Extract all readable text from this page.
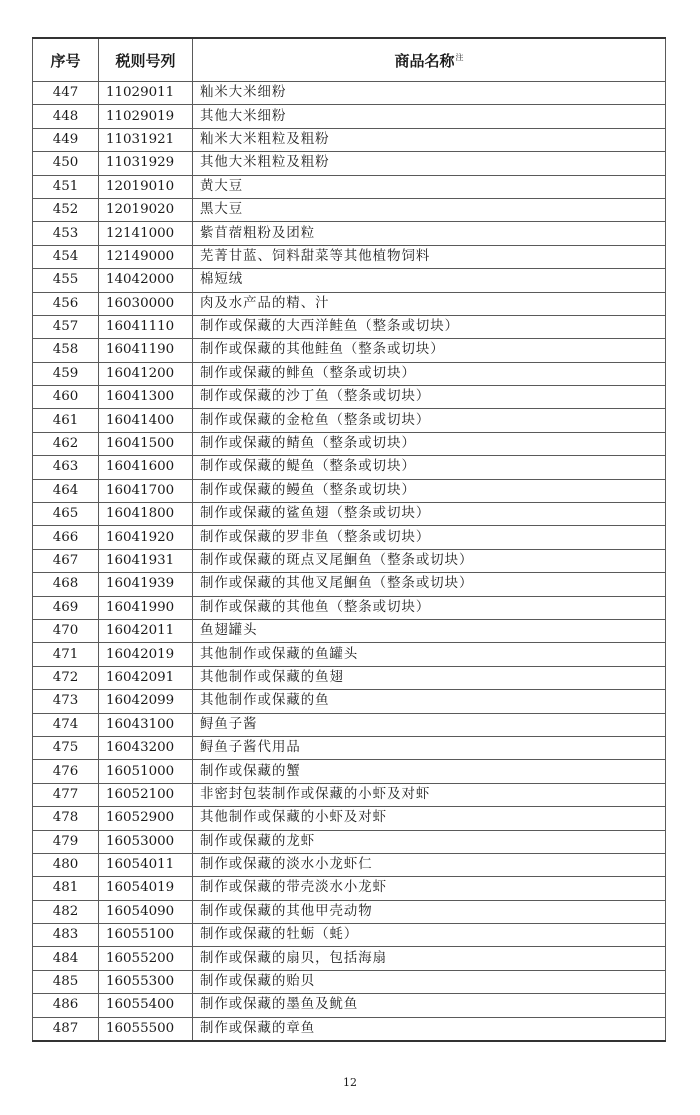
序号	税则号列	商品名称$^注$
447	11029011	籼米大米细粉
448	11029019	其他大米细粉
449	11031921	籼米大米粗粒及粗粉
450	11031929	其他大米粗粒及粗粉
451	12019010	黄大豆
452	12019020	黑大豆
453	12141000	紫苜蓿粗粉及团粒
454	12149000	芜菁甘蓝、饲料甜菜等其他植物饲料
455	14042000	棉短绒
456	16030000	肉及水产品的精、汁
457	16041110	制作或保藏的大西洋鲑鱼（整条或切块）
458	16041190	制作或保藏的其他鲑鱼（整条或切块）
459	16041200	制作或保藏的鲱鱼（整条或切块）
460	16041300	制作或保藏的沙丁鱼（整条或切块）
461	16041400	制作或保藏的金枪鱼（整条或切块）
462	16041500	制作或保藏的鲭鱼（整条或切块）
463	16041600	制作或保藏的鳀鱼（整条或切块）
464	16041700	制作或保藏的鳗鱼（整条或切块）
465	16041800	制作或保藏的鲨鱼翅（整条或切块）
466	16041920	制作或保藏的罗非鱼（整条或切块）
467	16041931	制作或保藏的斑点叉尾鮰鱼（整条或切块）
468	16041939	制作或保藏的其他叉尾鮰鱼（整条或切块）
469	16041990	制作或保藏的其他鱼（整条或切块）
470	16042011	鱼翅罐头
471	16042019	其他制作或保藏的鱼罐头
472	16042091	其他制作或保藏的鱼翅
473	16042099	其他制作或保藏的鱼
474	16043100	鲟鱼子酱
475	16043200	鲟鱼子酱代用品
476	16051000	制作或保藏的蟹
477	16052100	非密封包装制作或保藏的小虾及对虾
478	16052900	其他制作或保藏的小虾及对虾
479	16053000	制作或保藏的龙虾
480	16054011	制作或保藏的淡水小龙虾仁
481	16054019	制作或保藏的带壳淡水小龙虾
482	16054090	制作或保藏的其他甲壳动物
483	16055100	制作或保藏的牡蛎（蚝）
484	16055200	制作或保藏的扇贝，包括海扇
485	16055300	制作或保藏的贻贝
486	16055400	制作或保藏的墨鱼及鱿鱼
487	16055500	制作或保藏的章鱼
12
